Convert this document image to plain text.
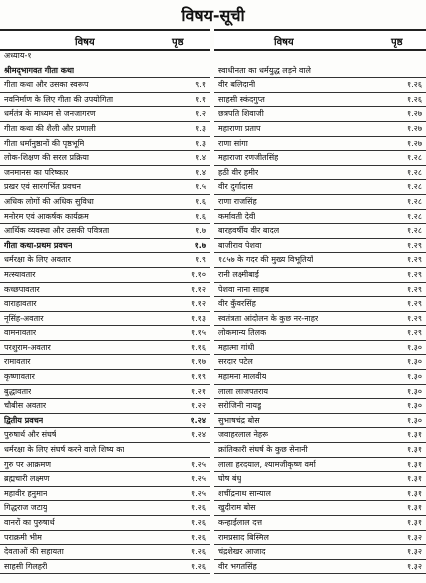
विषय-सूची
विषय	पृष्ठ	विषय	पृष्ठ
अध्याय-१
श्रीमद्‌भागवत गीता कथा
गीता कथा और उसका स्वरूप	९.१
नवनिर्माण के लिए गीता की उपयोगिता	१.१
धर्मतंत्र के माध्यम से जनजागरण	१.२
गीता कथा की शैली और प्रणाली	१.३
गीता धर्मानुष्ठानों की पृष्ठभूमि	१.३
लोक-शिक्षण की सरल प्रक्रिया	१.४
जनमानस का परिष्कार	१.४
प्रखर एवं सारगर्भित प्रवचन	१.५
अधिक लोगों की अधिक सुविधा	१.६
मनोरम एवं आकर्षक कार्यक्रम	१.६
आर्थिक व्यवस्था और उसकी पवित्रता	१.७
गीता कथा-प्रथम प्रवचन	१.७
धर्मरक्षा के लिए अवतार	१.९
मत्स्यावतार	१.१०
कच्छपावतार	१.१२
वाराहावतार	१.१२
नृसिंह-अवतार	१.१३
वामनावतार	१.१५
परशुराम-अवतार	१.१६
रामावतार	१.१७
कृष्णावतार	१.१९
बुद्धावतार	१.२१
चौबीस अवतार	१.२२
द्वितीय प्रवचन	१.२४
पुरुषार्थ और संघर्ष	१.२४
धर्मरक्षा के लिए संघर्ष करने वाले शिष्य का
गुरु पर आक्रमण	१.२५
ब्रह्मचारी लक्ष्मण	१.२५
महावीर हनुमान	१.२५
गिद्धराज जटायु	१.२६
वानरों का पुरुषार्थ	१.२६
पराक्रमी भीम	१.२६
देवताओं की सहायता	१.२६
साहसी गिलहरी	१.२६
स्वाधीनता का धर्मयुद्ध लड़ने वाले
वीर बलिदानी	१.२६
साहसी स्कंदगुप्त	१.२६
छत्रपति शिवाजी	१.२७
महाराणा प्रताप	१.२७
राणा सांगा	१.२७
महाराजा रणजीतसिंह	१.२८
हठी वीर हमीर	१.२८
वीर दुर्गादास	१.२८
राणा राजसिंह	१.२८
कर्मावती देवी	१.२८
बारहवर्षीय वीर बादल	१.२८
बाजीराव पेशवा	१.२९
१८५७ के गदर की मुख्य विभूतियाँ	१.२९
रानी लक्ष्मीबाई	१.२९
पेशवा नाना साहब	१.२९
वीर कुँवरसिंह	१.२९
स्वतंत्रता आंदोलन के कुछ नर-नाहर	१.२९
लोकमान्य तिलक	१.२९
महात्मा गांधी	१.३०
सरदार पटेल	१.३०
महामना मालवीय	१.३०
लाला लाजपतराय	१.३०
सरोजिनी नायडू	१.३०
सुभाषचंद्र बोस	१.३०
जवाहरलाल नेहरू	१.३१
क्रांतिकारी संघर्ष के कुछ सेनानी	१.३१
लाला हरदयाल, श्यामजीकृष्ण वर्मा	१.३१
घोष बंधु	१.३१
शचींद्रनाथ सान्याल	१.३१
खुदीराम बोस	१.३१
कन्हाईलाल दत्त	१.३१
रामप्रसाद बिस्मिल	१.३२
चंद्रशेखर आजाद	१.३२
वीर भगतसिंह	१.३२
